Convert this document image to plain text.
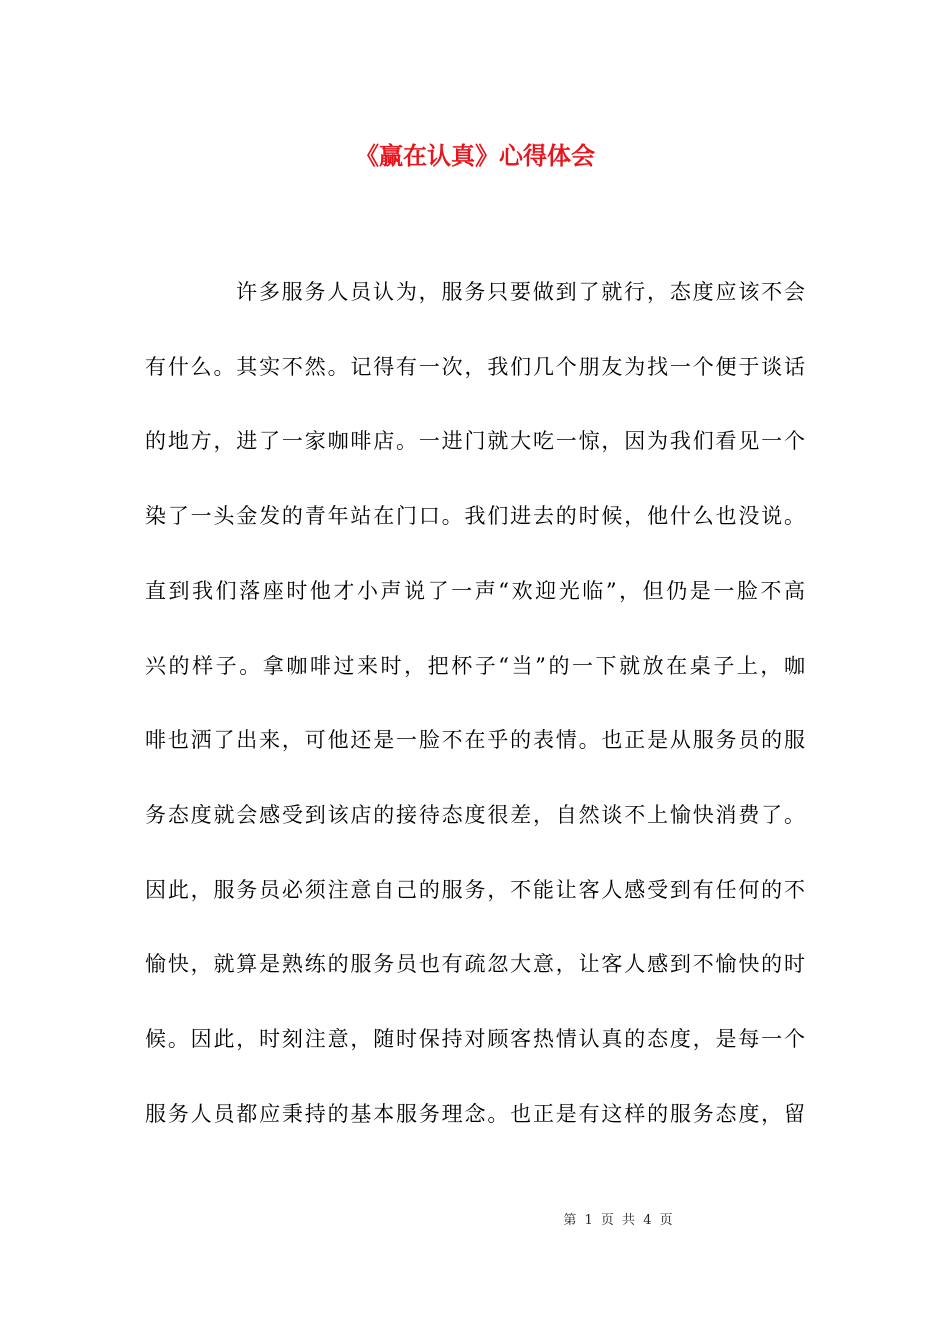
《赢在认真》心得体会
许多服务人员认为，服务只要做到了就行，态度应该不会
有什么。其实不然。记得有一次，我们几个朋友为找一个便于谈话
的地方，进了一家咖啡店。一进门就大吃一惊，因为我们看见一个
染了一头金发的青年站在门口。我们进去的时候，他什么也没说。
直到我们落座时他才小声说了一声“欢迎光临”，但仍是一脸不高
兴的样子。拿咖啡过来时，把杯子“当”的一下就放在桌子上，咖
啡也洒了出来，可他还是一脸不在乎的表情。也正是从服务员的服
务态度就会感受到该店的接待态度很差，自然谈不上愉快消费了。
因此，服务员必须注意自己的服务，不能让客人感受到有任何的不
愉快，就算是熟练的服务员也有疏忽大意，让客人感到不愉快的时
候。因此，时刻注意，随时保持对顾客热情认真的态度，是每一个
服务人员都应秉持的基本服务理念。也正是有这样的服务态度，留
第 1 页 共 4 页
